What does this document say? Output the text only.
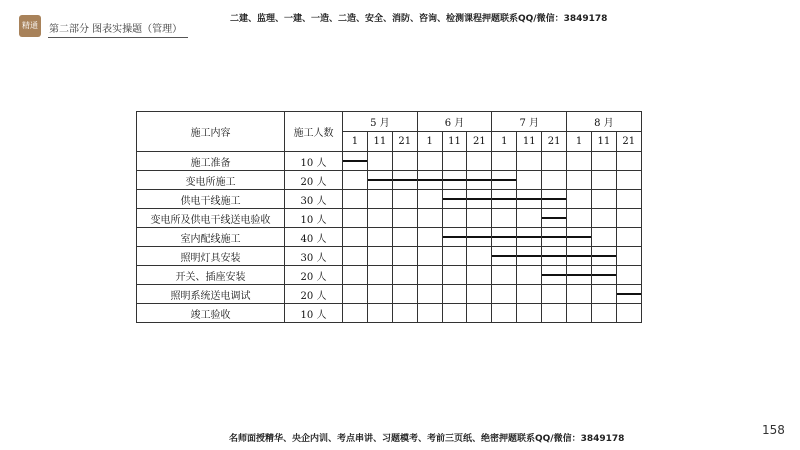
精通	第二部分 图表实操题（管理）
二建、监理、一建、一造、二造、安全、消防、咨询、检测课程押题联系QQ/微信：3849178
施工内容	施工人数	5 月			6 月			7 月			8 月		
		1	11	21	1	11	21	1	11	21	1	11	21
施工准备	10 人	

变电所施工	20 人		

供电干线施工	30 人					

变电所及供电干线送电验收	10 人									

室内配线施工	40 人					

照明灯具安装	30 人							

开关、插座安装	20 人									

照明系统送电调试	20 人												

竣工验收	10 人												
名师面授精华、央企内训、考点串讲、习题模考、考前三页纸、绝密押题联系QQ/微信：3849178
158
